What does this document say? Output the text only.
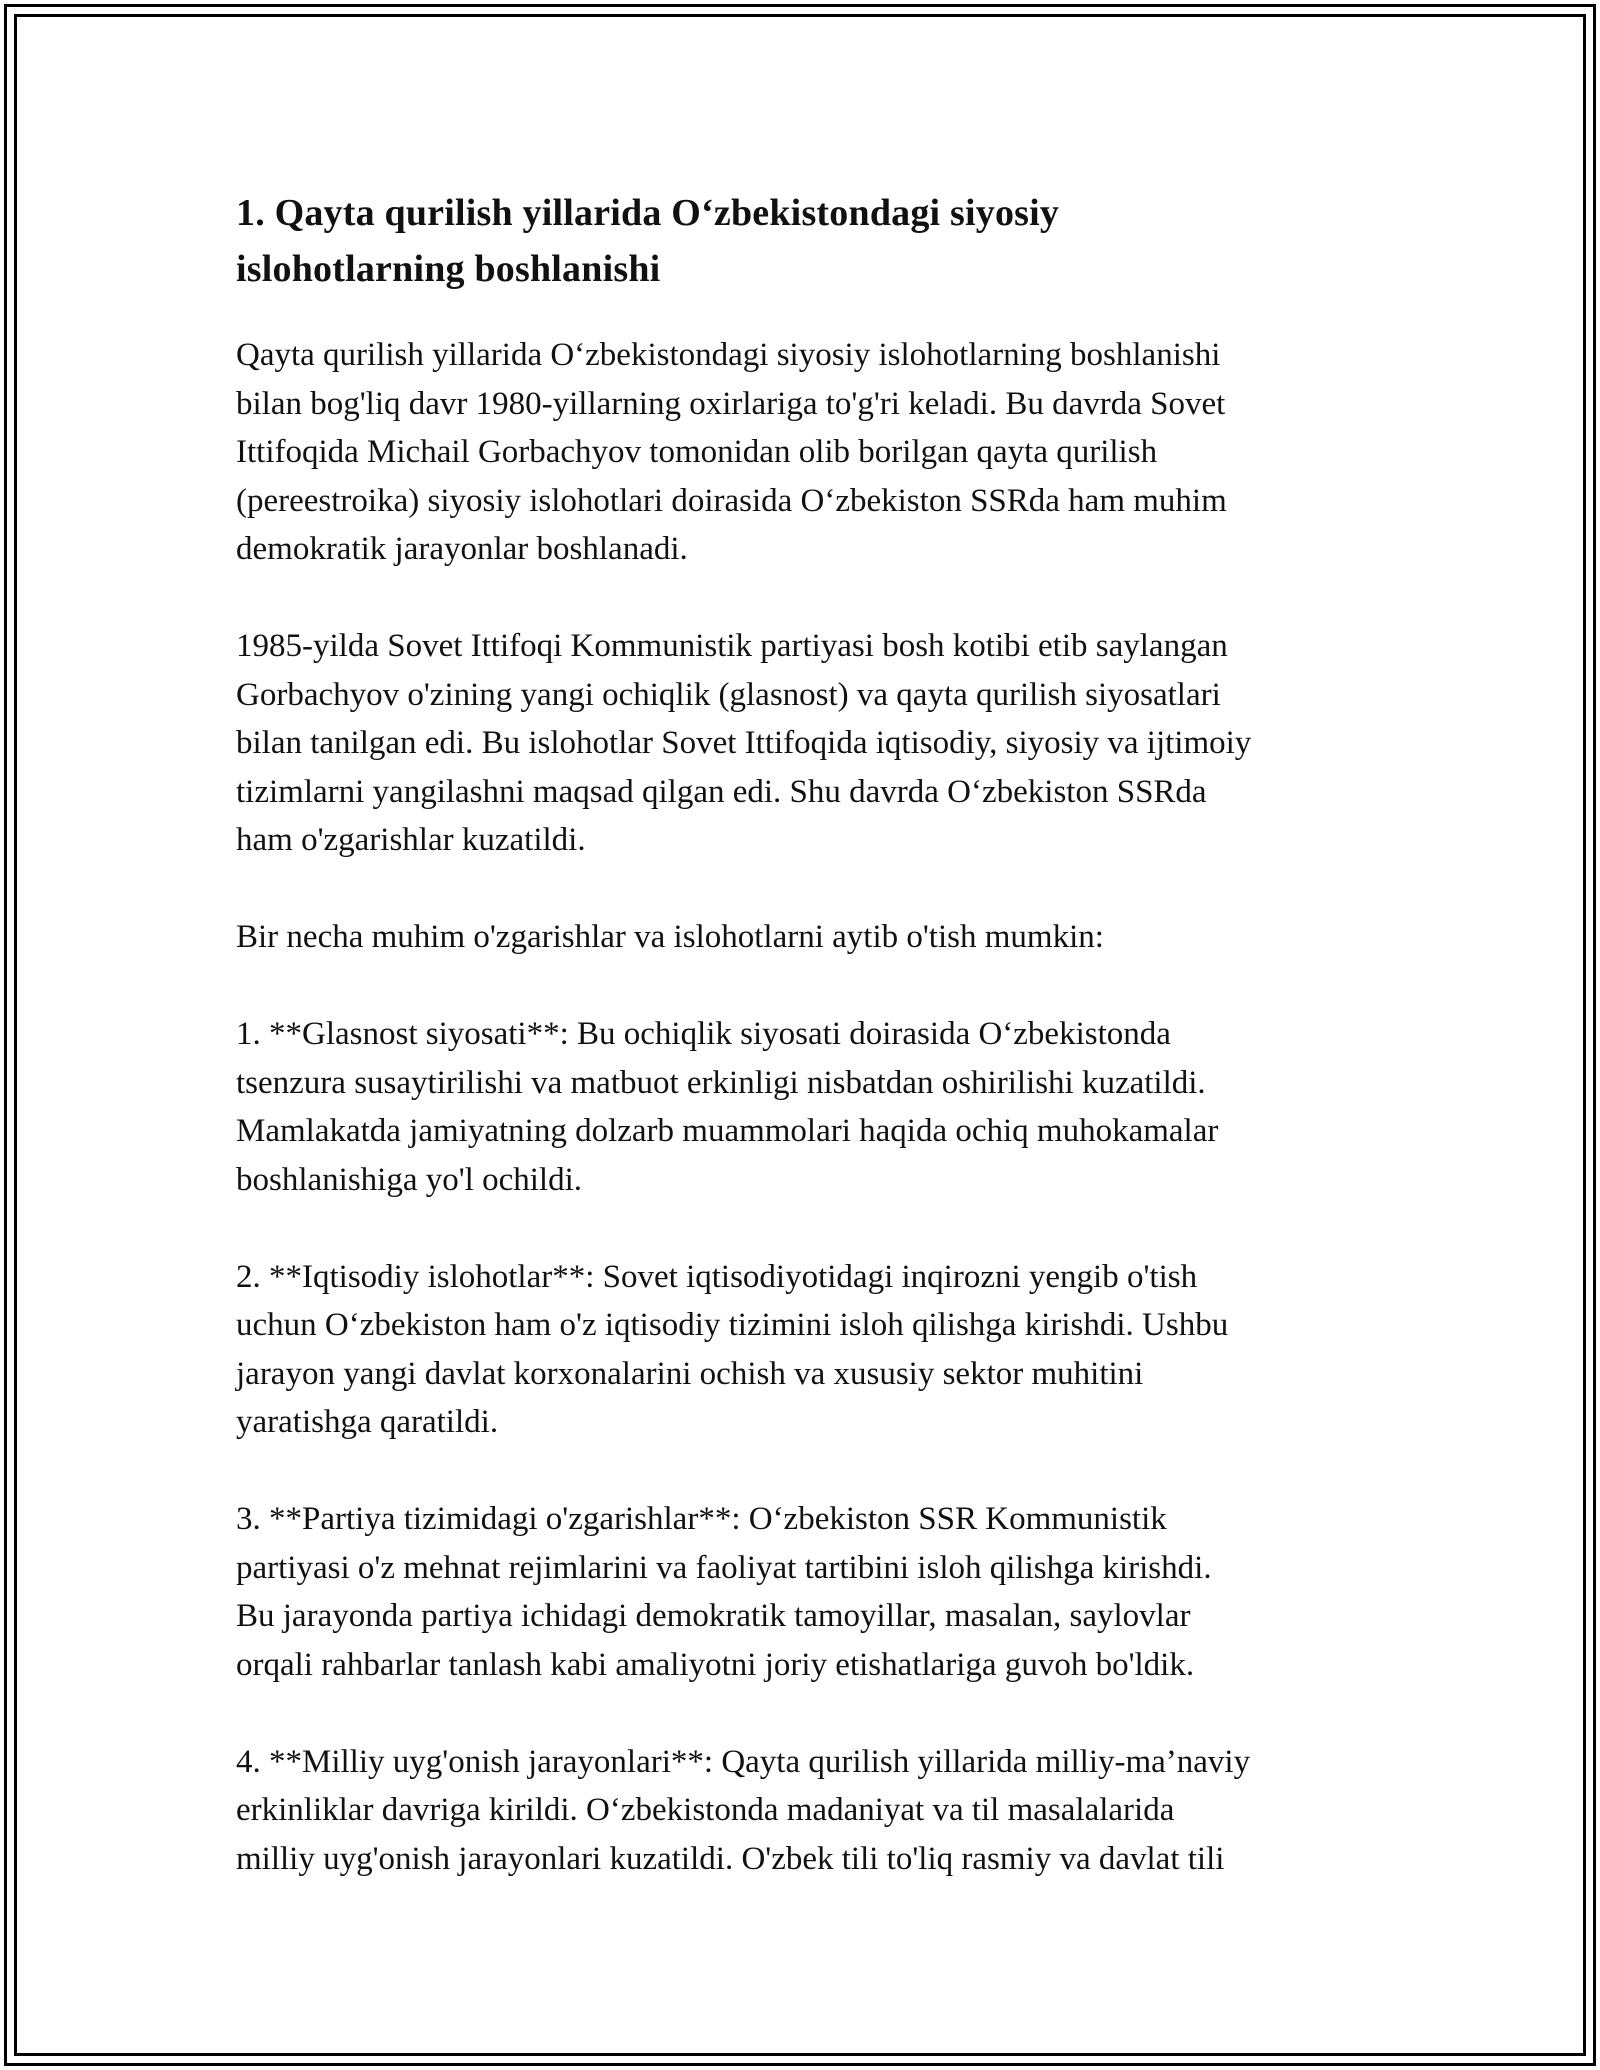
1. Qayta qurilish yillarida O‘zbekistondagi siyosiy
islohotlarning boshlanishi

Qayta qurilish yillarida O‘zbekistondagi siyosiy islohotlarning boshlanishi
bilan bog'liq davr 1980-yillarning oxirlariga to'g'ri keladi. Bu davrda Sovet
Ittifoqida Michail Gorbachyov tomonidan olib borilgan qayta qurilish
(pereestroika) siyosiy islohotlari doirasida O‘zbekiston SSRda ham muhim
demokratik jarayonlar boshlanadi.

1985-yilda Sovet Ittifoqi Kommunistik partiyasi bosh kotibi etib saylangan
Gorbachyov o'zining yangi ochiqlik (glasnost) va qayta qurilish siyosatlari
bilan tanilgan edi. Bu islohotlar Sovet Ittifoqida iqtisodiy, siyosiy va ijtimoiy
tizimlarni yangilashni maqsad qilgan edi. Shu davrda O‘zbekiston SSRda
ham o'zgarishlar kuzatildi.

Bir necha muhim o'zgarishlar va islohotlarni aytib o'tish mumkin:

1. **Glasnost siyosati**: Bu ochiqlik siyosati doirasida O‘zbekistonda
tsenzura susaytirilishi va matbuot erkinligi nisbatdan oshirilishi kuzatildi.
Mamlakatda jamiyatning dolzarb muammolari haqida ochiq muhokamalar
boshlanishiga yo'l ochildi.

2. **Iqtisodiy islohotlar**: Sovet iqtisodiyotidagi inqirozni yengib o'tish
uchun O‘zbekiston ham o'z iqtisodiy tizimini isloh qilishga kirishdi. Ushbu
jarayon yangi davlat korxonalarini ochish va xususiy sektor muhitini
yaratishga qaratildi.

3. **Partiya tizimidagi o'zgarishlar**: O‘zbekiston SSR Kommunistik
partiyasi o'z mehnat rejimlarini va faoliyat tartibini isloh qilishga kirishdi.
Bu jarayonda partiya ichidagi demokratik tamoyillar, masalan, saylovlar
orqali rahbarlar tanlash kabi amaliyotni joriy etishatlariga guvoh bo'ldik.

4. **Milliy uyg'onish jarayonlari**: Qayta qurilish yillarida milliy-ma’naviy
erkinliklar davriga kirildi. O‘zbekistonda madaniyat va til masalalarida
milliy uyg'onish jarayonlari kuzatildi. O'zbek tili to'liq rasmiy va davlat tili
